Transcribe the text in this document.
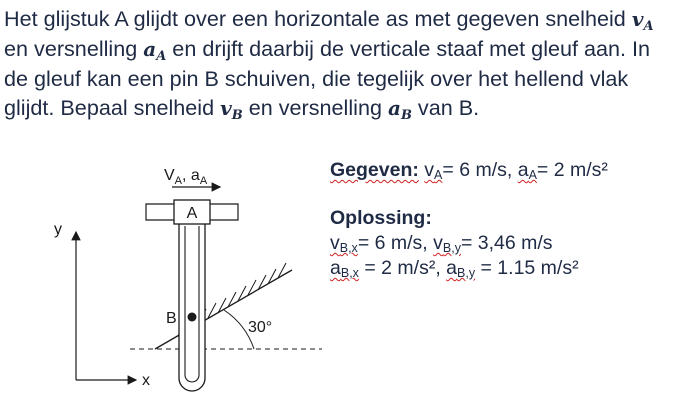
Het glijstuk A glijdt over een horizontale as met gegeven snelheid $v_A$ en versnelling $a_A$ en drijft daarbij de verticale staaf met gleuf aan. In de gleuf kan een pin B schuiven, die tegelijk over het hellend vlak glijdt. Bepaal snelheid $v_B$ en versnelling $a_B$ van B.

y
x
30°
A
$V_A$, $a_A$
B
Gegeven: $v_A= 6$ m/s, $a_A= 2$ m/s²
Oplossing:
$v_{B,x}= 6$ m/s, $v_{B,y}= 3,46$ m/s
$a_{B,x} = 2$ m/s², $a_{B,y} = 1.15$ m/s²
